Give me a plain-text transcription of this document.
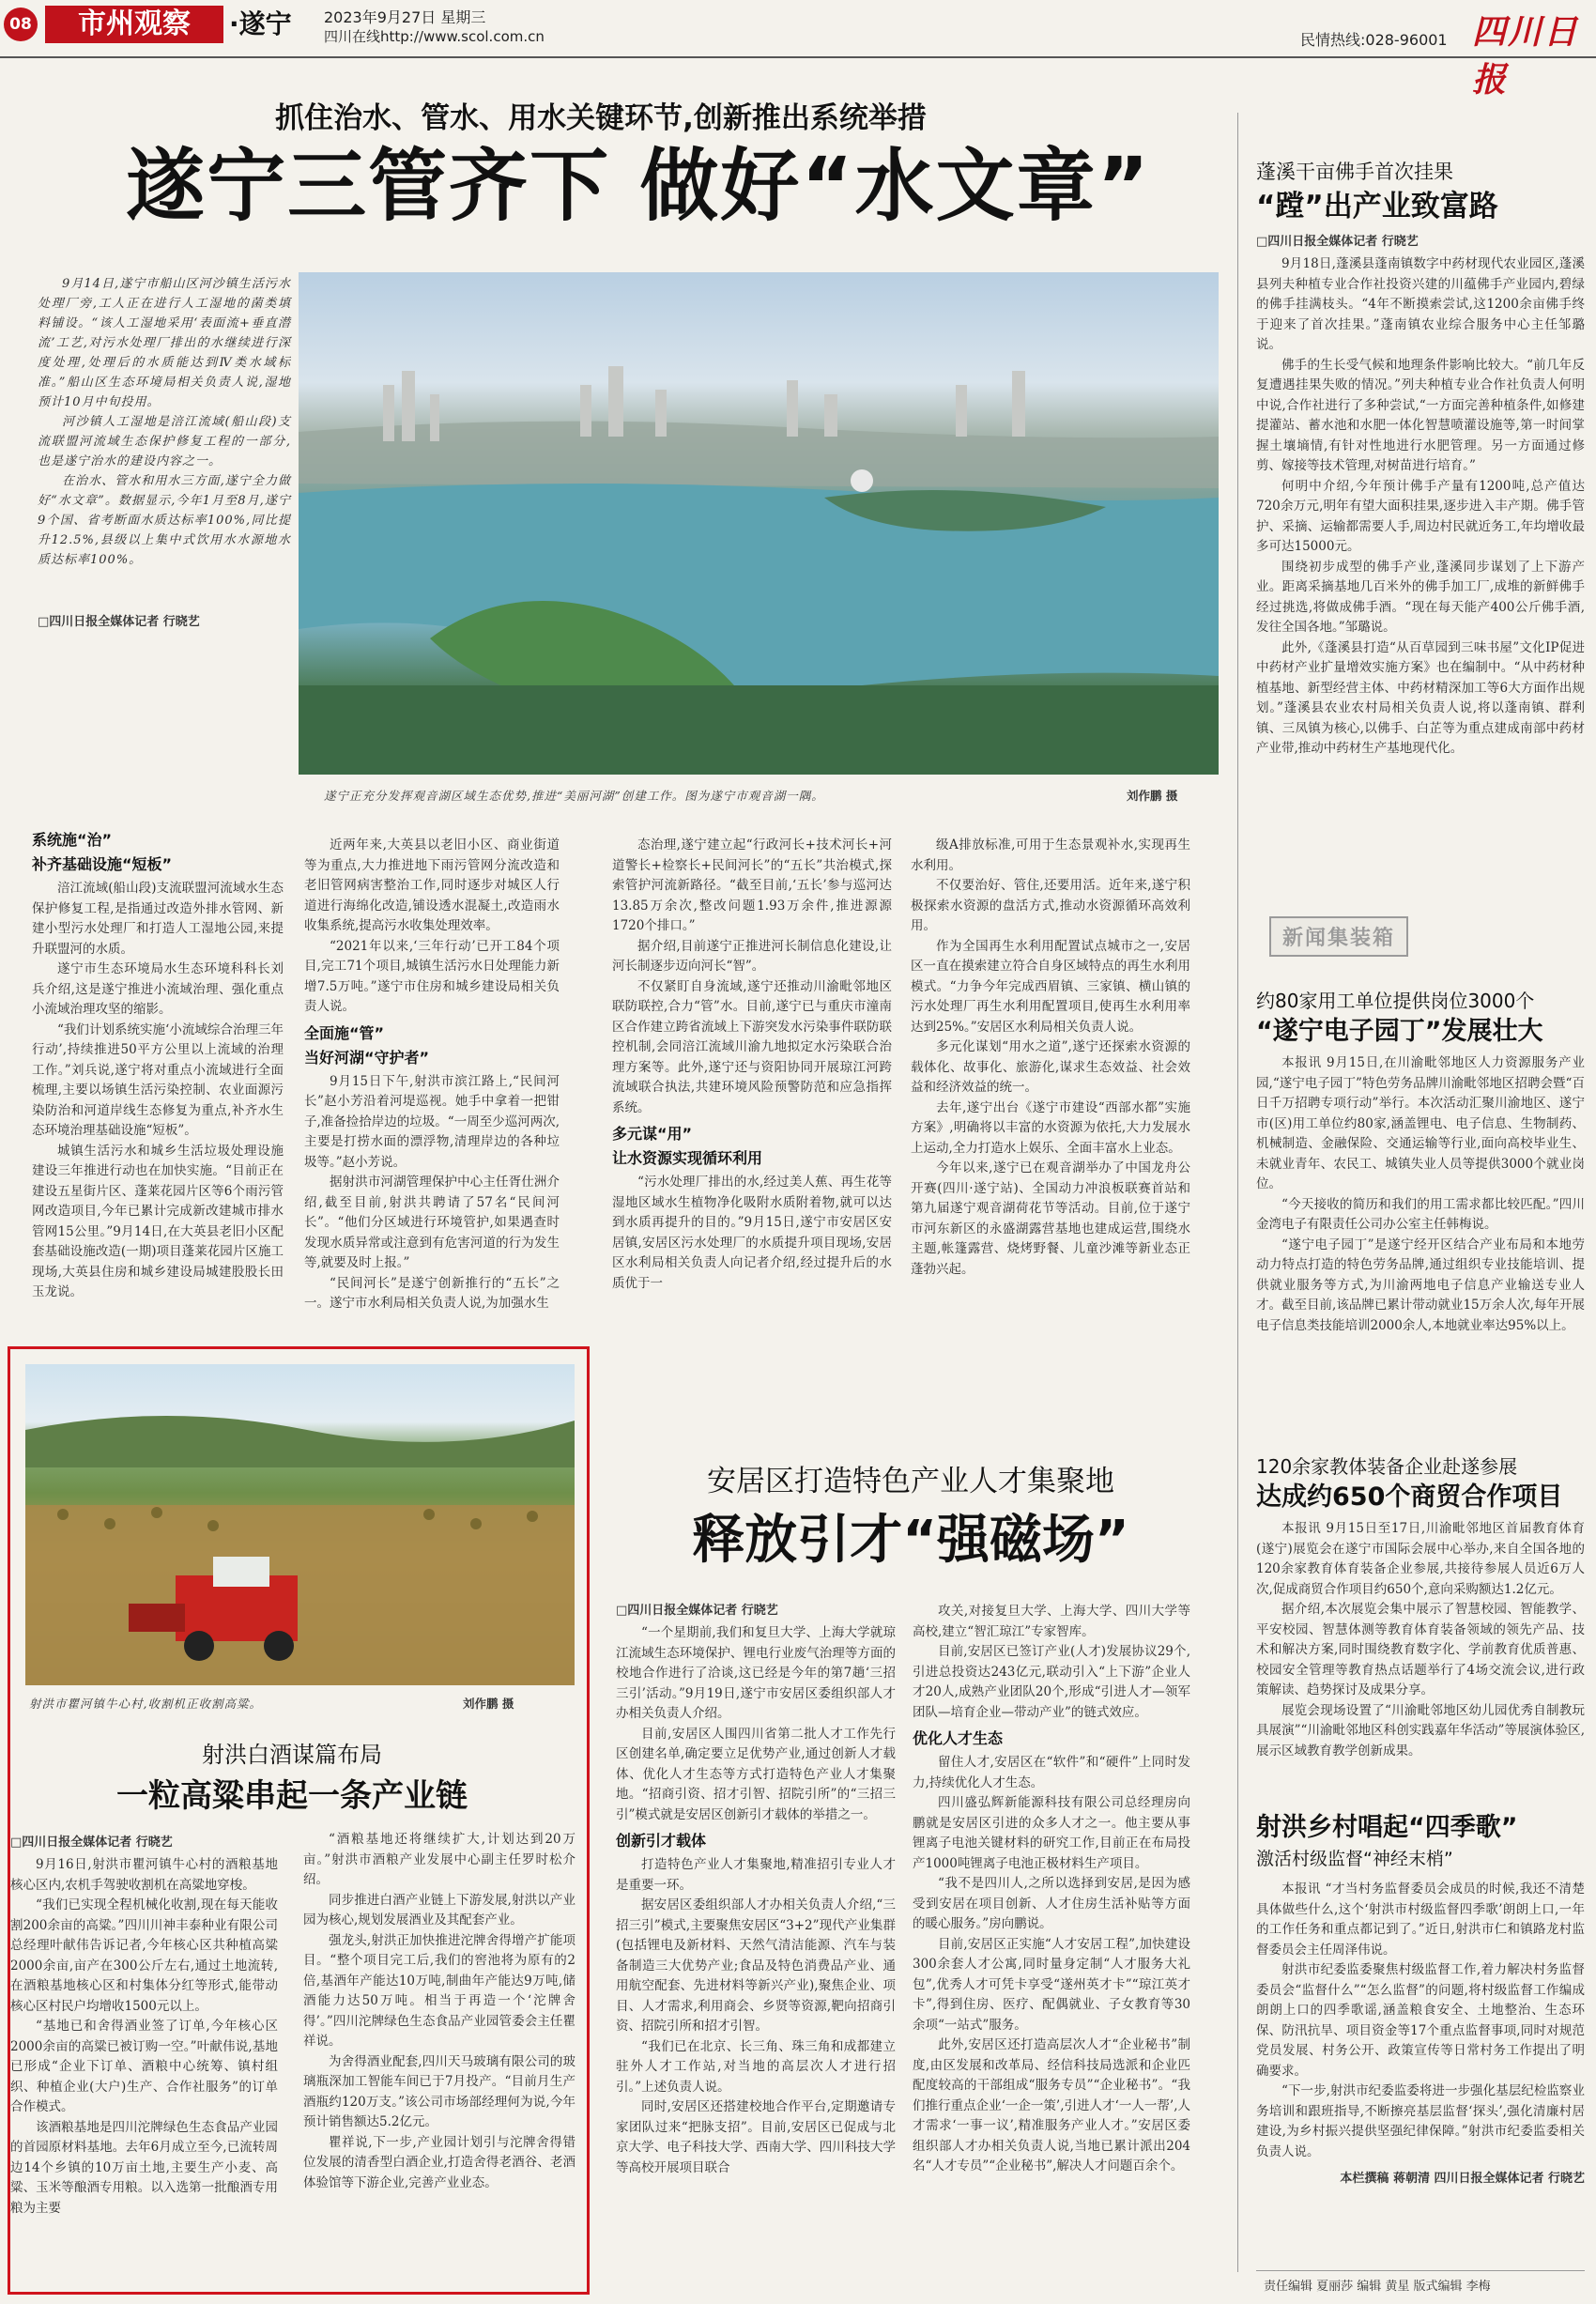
08	市州观察	·遂宁 2023年9月27日 星期三
四川在线http://www.scol.com.cn	民情热线:028-96001 四川日报
抓住治水、管水、用水关键环节,创新推出系统举措
遂宁三管齐下 做好“水文章”

9月14日,遂宁市船山区河沙镇生活污水处理厂旁,工人正在进行人工湿地的菌类填料铺设。“该人工湿地采用‘表面流+垂直潜流’工艺,对污水处理厂排出的水继续进行深度处理,处理后的水质能达到Ⅳ类水域标准。”船山区生态环境局相关负责人说,湿地预计10月中旬投用。

河沙镇人工湿地是涪江流域(船山段)支流联盟河流域生态保护修复工程的一部分,也是遂宁治水的建设内容之一。

在治水、管水和用水三方面,遂宁全力做好“水文章”。数据显示,今年1月至8月,遂宁9个国、省考断面水质达标率100%,同比提升12.5%,县级以上集中式饮用水水源地水质达标率100%。

□四川日报全媒体记者 行晓艺
遂宁正充分发挥观音湖区域生态优势,推进“美丽河湖”创建工作。图为遂宁市观音湖一隅。	刘作鹏 摄
系统施“治”
补齐基础设施“短板”

涪江流域(船山段)支流联盟河流域水生态保护修复工程,是指通过改造外排水管网、新建小型污水处理厂和打造人工湿地公园,来提升联盟河的水质。

遂宁市生态环境局水生态环境科科长刘兵介绍,这是遂宁推进小流域治理、强化重点小流域治理攻坚的缩影。

“我们计划系统实施‘小流域综合治理三年行动’,持续推进50平方公里以上流域的治理工作。”刘兵说,遂宁将对重点小流域进行全面梳理,主要以场镇生活污染控制、农业面源污染防治和河道岸线生态修复为重点,补齐水生态环境治理基础设施“短板”。

城镇生活污水和城乡生活垃圾处理设施建设三年推进行动也在加快实施。“目前正在建设五星街片区、蓬莱花园片区等6个雨污管网改造项目,今年已累计完成新改建城市排水管网15公里。”9月14日,在大英县老旧小区配套基础设施改造(一期)项目蓬莱花园片区施工现场,大英县住房和城乡建设局城建股股长田玉龙说。

近两年来,大英县以老旧小区、商业街道等为重点,大力推进地下雨污管网分流改造和老旧管网病害整治工作,同时逐步对城区人行道进行海绵化改造,铺设透水混凝土,改造雨水收集系统,提高污水收集处理效率。

“2021年以来,‘三年行动’已开工84个项目,完工71个项目,城镇生活污水日处理能力新增7.5万吨。”遂宁市住房和城乡建设局相关负责人说。

全面施“管”
当好河湖“守护者”

9月15日下午,射洪市滨江路上,“民间河长”赵小芳沿着河堤巡视。她手中拿着一把钳子,准备捡拾岸边的垃圾。“一周至少巡河两次,主要是打捞水面的漂浮物,清理岸边的各种垃圾等。”赵小芳说。

据射洪市河湖管理保护中心主任胥仕洲介绍,截至目前,射洪共聘请了57名“民间河长”。“他们分区域进行环境管护,如果遇查时发现水质异常或注意到有危害河道的行为发生等,就要及时上报。”

“民间河长”是遂宁创新推行的“五长”之一。遂宁市水利局相关负责人说,为加强水生

态治理,遂宁建立起“行政河长+技术河长+河道警长+检察长+民间河长”的“五长”共治模式,探索管护河流新路径。“截至目前,‘五长’参与巡河达13.85万余次,整改问题1.93万余件,推进源源1720个排口。”

据介绍,目前遂宁正推进河长制信息化建设,让河长制逐步迈向河长“智”。

不仅紧盯自身流域,遂宁还推动川渝毗邻地区联防联控,合力“管”水。目前,遂宁已与重庆市潼南区合作建立跨省流域上下游突发水污染事件联防联控机制,会同涪江流域川渝九地拟定水污染联合治理方案等。此外,遂宁还与资阳协同开展琼江河跨流域联合执法,共建环境风险预警防范和应急指挥系统。

多元谋“用”
让水资源实现循环利用

“污水处理厂排出的水,经过美人蕉、再生花等湿地区域水生植物净化吸附水质附着物,就可以达到水质再提升的目的。”9月15日,遂宁市安居区安居镇,安居区污水处理厂的水质提升项目现场,安居区水利局相关负责人向记者介绍,经过提升后的水质优于一

级A排放标准,可用于生态景观补水,实现再生水利用。

不仅要治好、管住,还要用活。近年来,遂宁积极探索水资源的盘活方式,推动水资源循环高效利用。

作为全国再生水利用配置试点城市之一,安居区一直在摸索建立符合自身区域特点的再生水利用模式。“力争今年完成西眉镇、三家镇、横山镇的污水处理厂再生水利用配置项目,使再生水利用率达到25%。”安居区水利局相关负责人说。

多元化谋划“用水之道”,遂宁还探索水资源的载体化、故事化、旅游化,谋求生态效益、社会效益和经济效益的统一。

去年,遂宁出台《遂宁市建设“西部水都”实施方案》,明确将以丰富的水资源为依托,大力发展水上运动,全力打造水上娱乐、全面丰富水上业态。

今年以来,遂宁已在观音湖举办了中国龙舟公开赛(四川·遂宁站)、全国动力冲浪板联赛首站和第九届遂宁观音湖荷花节等活动。目前,位于遂宁市河东新区的永盛湖露营基地也建成运营,围绕水主题,帐篷露营、烧烤野餐、儿童沙滩等新业态正蓬勃兴起。

射洪市瞿河镇牛心村,收割机正收割高粱。	刘作鹏 摄
射洪白酒谋篇布局
一粒高粱串起一条产业链
□四川日报全媒体记者 行晓艺

9月16日,射洪市瞿河镇牛心村的酒粮基地核心区内,农机手驾驶收割机在高粱地穿梭。

“我们已实现全程机械化收割,现在每天能收割200余亩的高粱。”四川川神丰泰种业有限公司总经理叶献伟告诉记者,今年核心区共种植高粱2000余亩,亩产在300公斤左右,通过土地流转,在酒粮基地核心区和村集体分红等形式,能带动核心区村民户均增收1500元以上。

“基地已和舍得酒业签了订单,今年核心区2000余亩的高粱已被订购一空。”叶献伟说,基地已形成“企业下订单、酒粮中心统筹、镇村组织、种植企业(大户)生产、合作社服务”的订单合作模式。

该酒粮基地是四川沱牌绿色生态食品产业园的首园原材料基地。去年6月成立至今,已流转周边14个乡镇的10万亩土地,主要生产小麦、高粱、玉米等酿酒专用粮。以入选第一批酿酒专用粮为主要

“酒粮基地还将继续扩大,计划达到20万亩。”射洪市酒粮产业发展中心副主任罗时松介绍。

同步推进白酒产业链上下游发展,射洪以产业园为核心,规划发展酒业及其配套产业。

强龙头,射洪正加快推进沱牌舍得增产扩能项目。“整个项目完工后,我们的窖池将为原有的2倍,基酒年产能达10万吨,制曲年产能达9万吨,储酒能力达50万吨。相当于再造一个‘沱牌舍得’。”四川沱牌绿色生态食品产业园管委会主任瞿祥说。

为舍得酒业配套,四川天马玻璃有限公司的玻璃瓶深加工智能车间已于7月投产。“目前月生产酒瓶约120万支。”该公司市场部经理何为说,今年预计销售额达5.2亿元。

瞿祥说,下一步,产业园计划引与沱牌舍得错位发展的清香型白酒企业,打造舍得老酒谷、老酒体验馆等下游企业,完善产业业态。

安居区打造特色产业人才集聚地
释放引才“强磁场”
□四川日报全媒体记者 行晓艺

“一个星期前,我们和复旦大学、上海大学就琼江流域生态环境保护、锂电行业废气治理等方面的校地合作进行了洽谈,这已经是今年的第7趟‘三招三引’活动。”9月19日,遂宁市安居区委组织部人才办相关负责人介绍。

目前,安居区人围四川省第二批人才工作先行区创建名单,确定要立足优势产业,通过创新人才载体、优化人才生态等方式打造特色产业人才集聚地。“招商引资、招才引智、招院引所”的“三招三引”模式就是安居区创新引才载体的举措之一。

创新引才载体

打造特色产业人才集聚地,精准招引专业人才是重要一环。

据安居区委组织部人才办相关负责人介绍,“三招三引”模式,主要聚焦安居区“3+2”现代产业集群(包括锂电及新材料、天然气清洁能源、汽车与装备制造三大优势产业;食品及特色消费品产业、通用航空配套、先进材料等新兴产业),聚焦企业、项目、人才需求,利用商会、乡贤等资源,靶向招商引资、招院引所和招才引智。

“我们已在北京、长三角、珠三角和成都建立驻外人才工作站,对当地的高层次人才进行招引。”上述负责人说。

同时,安居区还搭建校地合作平台,定期邀请专家团队过来“把脉支招”。目前,安居区已促成与北京大学、电子科技大学、西南大学、四川科技大学等高校开展项目联合

攻关,对接复旦大学、上海大学、四川大学等高校,建立“智汇琼江”专家智库。

目前,安居区已签订产业(人才)发展协议29个,引进总投资达243亿元,联动引入“上下游”企业人才20人,成熟产业团队20个,形成“引进人才—领军团队—培育企业—带动产业”的链式效应。

优化人才生态

留住人才,安居区在“软件”和“硬件”上同时发力,持续优化人才生态。

四川盛弘辉新能源科技有限公司总经理房向鹏就是安居区引进的众多人才之一。他主要从事锂离子电池关键材料的研究工作,目前正在布局投产1000吨锂离子电池正极材料生产项目。

“我不是四川人,之所以选择到安居,是因为感受到安居在项目创新、人才住房生活补贴等方面的暖心服务。”房向鹏说。

目前,安居区正实施“人才安居工程”,加快建设300余套人才公寓,同时量身定制“人才服务大礼包”,优秀人才可凭卡享受“遂州英才卡”“琼江英才卡”,得到住房、医疗、配偶就业、子女教育等30余项“一站式”服务。

此外,安居区还打造高层次人才“企业秘书”制度,由区发展和改革局、经信科技局选派和企业匹配度较高的干部组成“服务专员”“企业秘书”。“我们推行重点企业‘一企一策’,引进人才‘一人一帮’,人才需求‘一事一议’,精准服务产业人才。”安居区委组织部人才办相关负责人说,当地已累计派出204名“人才专员”“企业秘书”,解决人才问题百余个。

蓬溪干亩佛手首次挂果
“蹚”出产业致富路
□四川日报全媒体记者 行晓艺

9月18日,蓬溪县蓬南镇数字中药材现代农业园区,蓬溪县列夫种植专业合作社投资兴建的川蕴佛手产业园内,碧绿的佛手挂满枝头。“4年不断摸索尝试,这1200余亩佛手终于迎来了首次挂果。”蓬南镇农业综合服务中心主任邹璐说。

佛手的生长受气候和地理条件影响比较大。“前几年反复遭遇挂果失败的情况。”列夫种植专业合作社负责人何明中说,合作社进行了多种尝试,“一方面完善种植条件,如修建提灌站、蓄水池和水肥一体化智慧喷灌设施等,第一时间掌握土壤墒情,有针对性地进行水肥管理。另一方面通过修剪、嫁接等技术管理,对树苗进行培育。”

何明中介绍,今年预计佛手产量有1200吨,总产值达720余万元,明年有望大面积挂果,逐步进入丰产期。佛手管护、采摘、运输都需要人手,周边村民就近务工,年均增收最多可达15000元。

围绕初步成型的佛手产业,蓬溪同步谋划了上下游产业。距离采摘基地几百米外的佛手加工厂,成堆的新鲜佛手经过挑选,将做成佛手酒。“现在每天能产400公斤佛手酒,发往全国各地。”邹璐说。

此外,《蓬溪县打造“从百草园到三味书屋”文化IP促进中药材产业扩量增效实施方案》也在编制中。“从中药材种植基地、新型经营主体、中药材精深加工等6大方面作出规划。”蓬溪县农业农村局相关负责人说,将以蓬南镇、群利镇、三凤镇为核心,以佛手、白芷等为重点建成南部中药材产业带,推动中药材生产基地现代化。

新闻集装箱
约80家用工单位提供岗位3000个
“遂宁电子园丁”发展壮大

本报讯 9月15日,在川渝毗邻地区人力资源服务产业园,“遂宁电子园丁”特色劳务品牌川渝毗邻地区招聘会暨“百日千万招聘专项行动”举行。本次活动汇聚川渝地区、遂宁市(区)用工单位约80家,涵盖锂电、电子信息、生物制药、机械制造、金融保险、交通运输等行业,面向高校毕业生、未就业青年、农民工、城镇失业人员等提供3000个就业岗位。

“今天接收的简历和我们的用工需求都比较匹配。”四川金湾电子有限责任公司办公室主任韩梅说。

“遂宁电子园丁”是遂宁经开区结合产业布局和本地劳动力特点打造的特色劳务品牌,通过组织专业技能培训、提供就业服务等方式,为川渝两地电子信息产业输送专业人才。截至目前,该品牌已累计带动就业15万余人次,每年开展电子信息类技能培训2000余人,本地就业率达95%以上。

120余家教体装备企业赴遂参展
达成约650个商贸合作项目

本报讯 9月15日至17日,川渝毗邻地区首届教育体育(遂宁)展览会在遂宁市国际会展中心举办,来自全国各地的120余家教育体育装备企业参展,共接待参展人员近6万人次,促成商贸合作项目约650个,意向采购额达1.2亿元。

据介绍,本次展览会集中展示了智慧校园、智能教学、平安校园、智慧体测等教育体育装备领域的领先产品、技术和解决方案,同时围绕教育数字化、学前教育优质普惠、校园安全管理等教育热点话题举行了4场交流会议,进行政策解读、趋势探讨及成果分享。

展览会现场设置了“川渝毗邻地区幼儿园优秀自制教玩具展演”“川渝毗邻地区科创实践嘉年华活动”等展演体验区,展示区域教育教学创新成果。

射洪乡村唱起“四季歌”
激活村级监督“神经末梢”

本报讯 “才当村务监督委员会成员的时候,我还不清楚具体做些什么,这个‘射洪市村级监督四季歌’朗朗上口,一年的工作任务和重点都记到了。”近日,射洪市仁和镇路龙村监督委员会主任周泽伟说。

射洪市纪委监委聚焦村级监督工作,着力解决村务监督委员会“监督什么”“怎么监督”的问题,将村级监督工作编成朗朗上口的四季歌谣,涵盖粮食安全、土地整治、生态环保、防汛抗旱、项目资金等17个重点监督事项,同时对规范党员发展、村务公开、政策宣传等日常村务工作提出了明确要求。

“下一步,射洪市纪委监委将进一步强化基层纪检监察业务培训和跟班指导,不断擦亮基层监督‘探头’,强化清廉村居建设,为乡村振兴提供坚强纪律保障。”射洪市纪委监委相关负责人说。

本栏撰稿 蒋朝清 四川日报全媒体记者 行晓艺
责任编辑 夏丽莎 编辑 黄星 版式编辑 李梅
